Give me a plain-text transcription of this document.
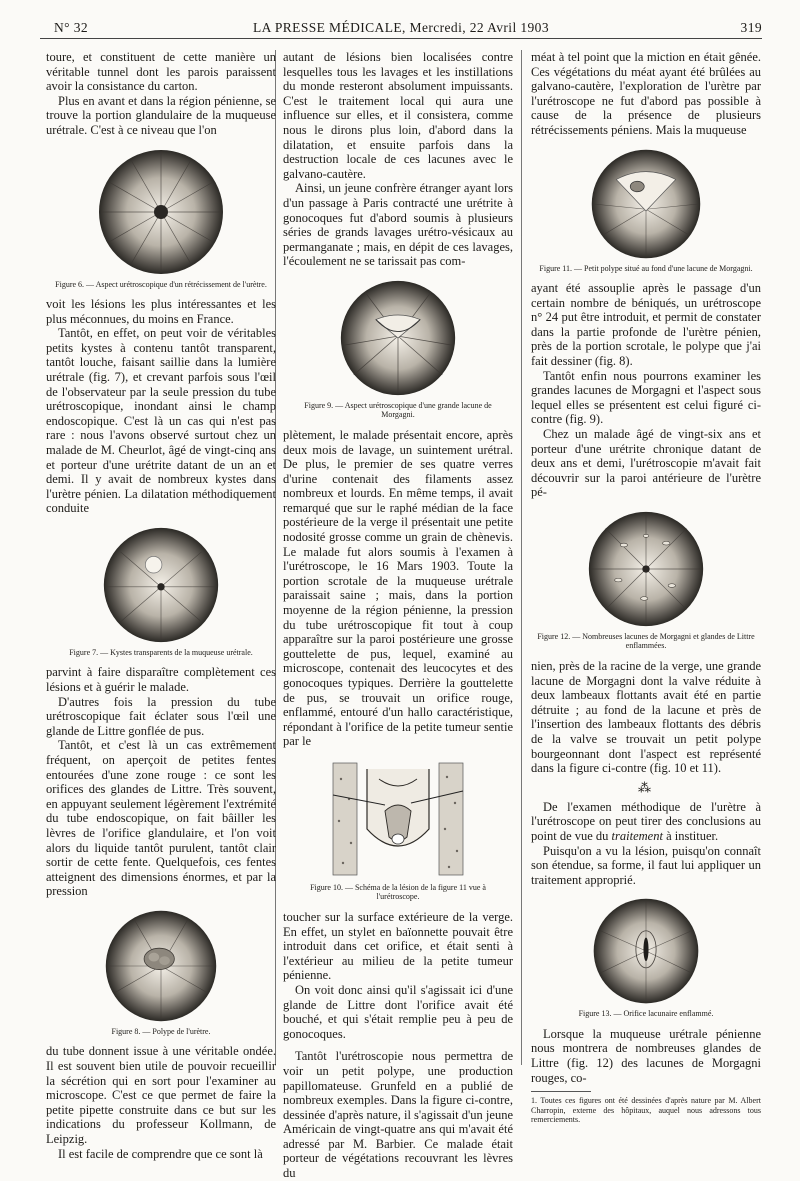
N° 32	LA PRESSE MÉDICALE, Mercredi, 22 Avril 1903	319

toure, et constituent de cette manière un véritable tunnel dont les parois paraissent avoir la consistance du carton.

Plus en avant et dans la région pénienne, se trouve la portion glandulaire de la muqueuse urétrale. C'est à ce niveau que l'on

Figure 6. — Aspect urétroscopique d'un rétrécissement de l'urètre.

voit les lésions les plus intéressantes et les plus méconnues, du moins en France.

Tantôt, en effet, on peut voir de véritables petits kystes à contenu tantôt transparent, tantôt louche, faisant saillie dans la lumière urétrale (fig. 7), et crevant parfois sous l'œil de l'observateur par la seule pression du tube urétroscopique, inondant ainsi le champ endoscopique. C'est là un cas qui n'est pas rare : nous l'avons observé surtout chez un malade de M. Cheurlot, âgé de vingt-cinq ans et porteur d'une urétrite datant de un an et demi. Il y avait de nombreux kystes dans l'urètre pénien. La dilatation méthodiquement conduite

Figure 7. — Kystes transparents de la muqueuse urétrale.

parvint à faire disparaître complètement ces lésions et à guérir le malade.

D'autres fois la pression du tube urétroscopique fait éclater sous l'œil une glande de Littre gonflée de pus.

Tantôt, et c'est là un cas extrêmement fréquent, on aperçoit de petites fentes entourées d'une zone rouge : ce sont les orifices des glandes de Littre. Très souvent, en appuyant seulement légèrement l'extrémité du tube endoscopique, on fait bâiller les lèvres de l'orifice glandulaire, et l'on voit alors du liquide tantôt purulent, tantôt clair sortir de cette fente. Quelquefois, ces fentes atteignent des dimensions énormes, et par la pression

Figure 8. — Polype de l'urètre.

du tube donnent issue à une véritable ondée. Il est souvent bien utile de pouvoir recueillir la sécrétion qui en sort pour l'examiner au microscope. C'est ce que permet de faire la petite pipette construite dans ce but sur les indications du professeur Kollmann, de Leipzig.

Il est facile de comprendre que ce sont là

autant de lésions bien localisées contre lesquelles tous les lavages et les instillations du monde resteront absolument impuissants. C'est le traitement local qui aura une influence sur elles, et il consistera, comme nous le dirons plus loin, d'abord dans la dilatation, et ensuite parfois dans la destruction locale de ces lacunes avec le galvano-cautère.

Ainsi, un jeune confrère étranger ayant lors d'un passage à Paris contracté une urétrite à gonocoques fut d'abord soumis à plusieurs séries de grands lavages urétro-vésicaux au permanganate ; mais, en dépit de ces lavages, l'écoulement ne se tarissait pas com-

Figure 9. — Aspect urétroscopique d'une grande lacune de Morgagni.

plètement, le malade présentait encore, après deux mois de lavage, un suintement urétral. De plus, le premier de ses quatre verres d'urine contenait des filaments assez nombreux et lourds. En même temps, il avait remarqué que sur le raphé médian de la face postérieure de la verge il présentait une petite nodosité grosse comme un grain de chènevis. Le malade fut alors soumis à l'examen à l'urétroscope, le 16 Mars 1903. Toute la portion scrotale de la muqueuse urétrale paraissait saine ; mais, dans la portion moyenne de la région pénienne, la pression du tube urétroscopique fit tout à coup apparaître sur la paroi postérieure une grosse gouttelette de pus, lequel, examiné au microscope, contenait des leucocytes et des gonocoques typiques. Derrière la gouttelette de pus, se trouvait un orifice rouge, enflammé, entouré d'un hallo caractéristique, répondant à l'orifice de la petite tumeur sentie par le

Figure 10. — Schéma de la lésion de la figure 11 vue à l'urétroscope.

toucher sur la surface extérieure de la verge. En effet, un stylet en baïonnette pouvait être introduit dans cet orifice, et était senti à l'extérieur au milieu de la petite tumeur pénienne.

On voit donc ainsi qu'il s'agissait ici d'une glande de Littre dont l'orifice avait été bouché, et qui s'était remplie peu à peu de gonocoques.

Tantôt l'urétroscopie nous permettra de voir un petit polype, une production papillomateuse. Grunfeld en a publié de nombreux exemples. Dans la figure ci-contre, dessinée d'après nature, il s'agissait d'un jeune Américain de vingt-quatre ans qui m'avait été adressé par M. Barbier. Ce malade était porteur de végétations recouvrant les lèvres du

méat à tel point que la miction en était gênée. Ces végétations du méat ayant été brûlées au galvano-cautère, l'exploration de l'urètre par l'urétroscope ne fut d'abord pas possible à cause de la présence de plusieurs rétrécissements péniens. Mais la muqueuse

Figure 11. — Petit polype situé au fond d'une lacune de Morgagni.

ayant été assouplie après le passage d'un certain nombre de béniqués, un urétroscope n° 24 put être introduit, et permit de constater dans la partie profonde de l'urètre pénien, près de la portion scrotale, le polype que j'ai fait dessiner (fig. 8).

Tantôt enfin nous pourrons examiner les grandes lacunes de Morgagni et l'aspect sous lequel elles se présentent est celui figuré ci-contre (fig. 9).

Chez un malade âgé de vingt-six ans et porteur d'une urétrite chronique datant de deux ans et demi, l'urétroscopie m'avait fait découvrir sur la paroi antérieure de l'urètre pé-

Figure 12. — Nombreuses lacunes de Morgagni et glandes de Littre enflammées.

nien, près de la racine de la verge, une grande lacune de Morgagni dont la valve réduite à deux lambeaux flottants avait été en partie détruite ; au fond de la lacune et près de l'insertion des lambeaux flottants des débris de la valve se trouvait un petit polype bourgeonnant dont l'aspect est représenté dans la figure ci-contre (fig. 10 et 11).

⁂

De l'examen méthodique de l'urètre à l'urétroscope on peut tirer des conclusions au point de vue du traitement à instituer.

Puisqu'on a vu la lésion, puisqu'on connaît son étendue, sa forme, il faut lui appliquer un traitement approprié.

Figure 13. — Orifice lacunaire enflammé.

Lorsque la muqueuse urétrale pénienne nous montrera de nombreuses glandes de Littre (fig. 12) des lacunes de Morgagni rouges, co-

1. Toutes ces figures ont été dessinées d'après nature par M. Albert Charropin, externe des hôpitaux, auquel nous adressons tous remerciements.
